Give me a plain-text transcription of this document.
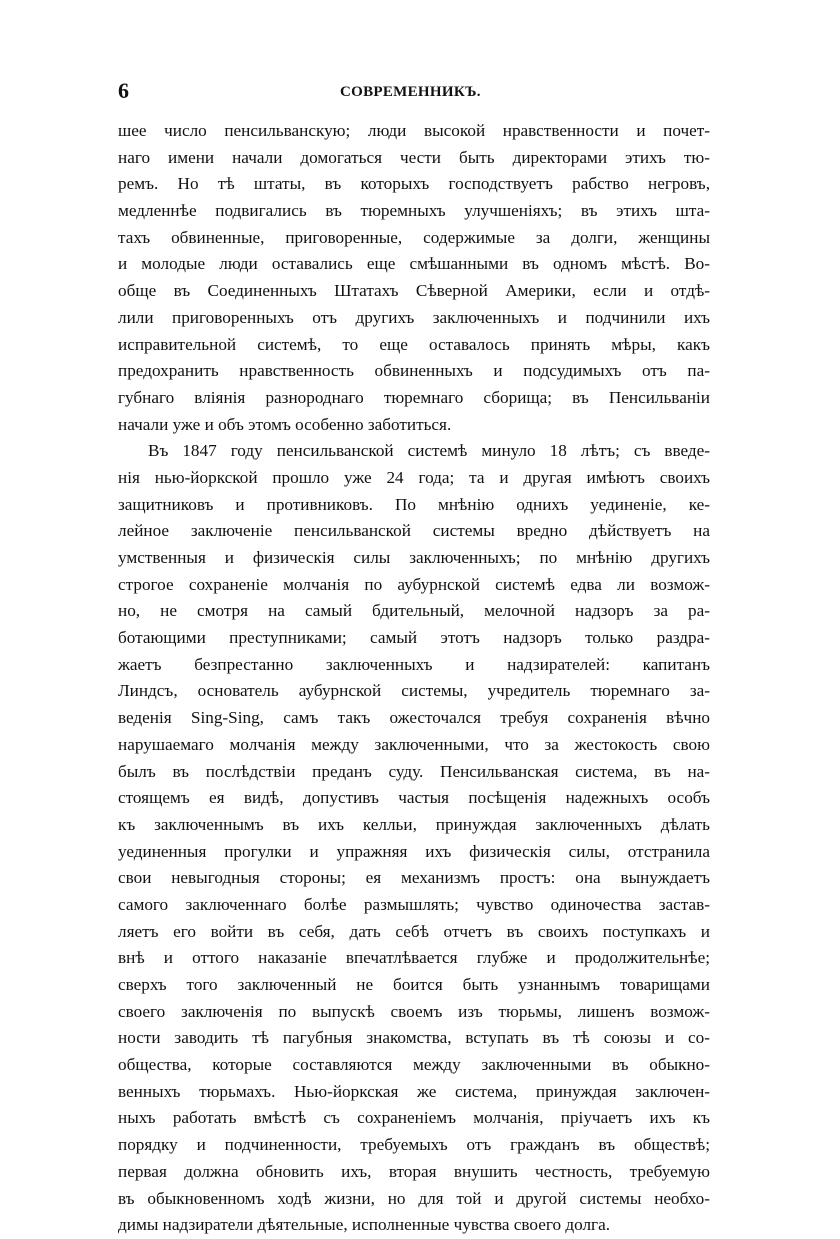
6	СОВРЕМЕННИКЪ.
шее число пенсильванскую; люди высокой нравственности и почет-
наго имени начали домогаться чести быть директорами этихъ тю-
ремъ. Но тѣ штаты, въ которыхъ господствуетъ рабство негровъ,
медленнѣе подвигались въ тюремныхъ улучшеніяхъ; въ этихъ шта-
тахъ обвиненные, приговоренные, содержимые за долги, женщины
и молодые люди оставались еще смѣшанными въ одномъ мѣстѣ. Во-
обще въ Соединенныхъ Штатахъ Сѣверной Америки, если и отдѣ-
лили приговоренныхъ отъ другихъ заключенныхъ и подчинили ихъ
исправительной системѣ, то еще оставалось принять мѣры, какъ
предохранить нравственность обвиненныхъ и подсудимыхъ отъ па-
губнаго вліянія разнороднаго тюремнаго сборища; въ Пенсильваніи
начали уже и объ этомъ особенно заботиться.
Въ 1847 году пенсильванской системѣ минуло 18 лѣтъ; съ введе-
нія нью-йоркской прошло уже 24 года; та и другая имѣютъ своихъ
защитниковъ и противниковъ. По мнѣнію однихъ уединеніе, ке-
лейное заключеніе пенсильванской системы вредно дѣйствуетъ на
умственныя и физическія силы заключенныхъ; по мнѣнію другихъ
строгое сохраненіе молчанія по аубурнской системѣ едва ли возмож-
но, не смотря на самый бдительный, мелочной надзоръ за ра-
ботающими преступниками; самый этотъ надзоръ только раздра-
жаетъ безпрестанно заключенныхъ и надзирателей: капитанъ
Линдсъ, основатель аубурнской системы, учредитель тюремнаго за-
веденія Sing-Sing, самъ такъ ожесточался требуя сохраненія вѣчно
нарушаемаго молчанія между заключенными, что за жестокость свою
былъ въ послѣдствіи преданъ суду. Пенсильванская система, въ на-
стоящемъ ея видѣ, допустивъ частыя посѣщенія надежныхъ особъ
къ заключеннымъ въ ихъ келльи, принуждая заключенныхъ дѣлать
уединенныя прогулки и упражняя ихъ физическія силы, отстранила
свои невыгодныя стороны; ея механизмъ простъ: она вынуждаетъ
самого заключеннаго болѣе размышлять; чувство одиночества застав-
ляетъ его войти въ себя, дать себѣ отчетъ въ своихъ поступкахъ и
внѣ и оттого наказаніе впечатлѣвается глубже и продолжительнѣе;
сверхъ того заключенный не боится быть узнаннымъ товарищами
своего заключенія по выпускѣ своемъ изъ тюрьмы, лишенъ возмож-
ности заводить тѣ пагубныя знакомства, вступать въ тѣ союзы и со-
общества, которые составляются между заключенными въ обыкно-
венныхъ тюрьмахъ. Нью-йоркская же система, принуждая заключен-
ныхъ работать вмѣстѣ съ сохраненіемъ молчанія, пріучаетъ ихъ къ
порядку и подчиненности, требуемыхъ отъ гражданъ въ обществѣ;
первая должна обновить ихъ, вторая внушить честность, требуемую
въ обыкновенномъ ходѣ жизни, но для той и другой системы необхо-
димы надзиратели дѣятельные, исполненные чувства своего долга.
